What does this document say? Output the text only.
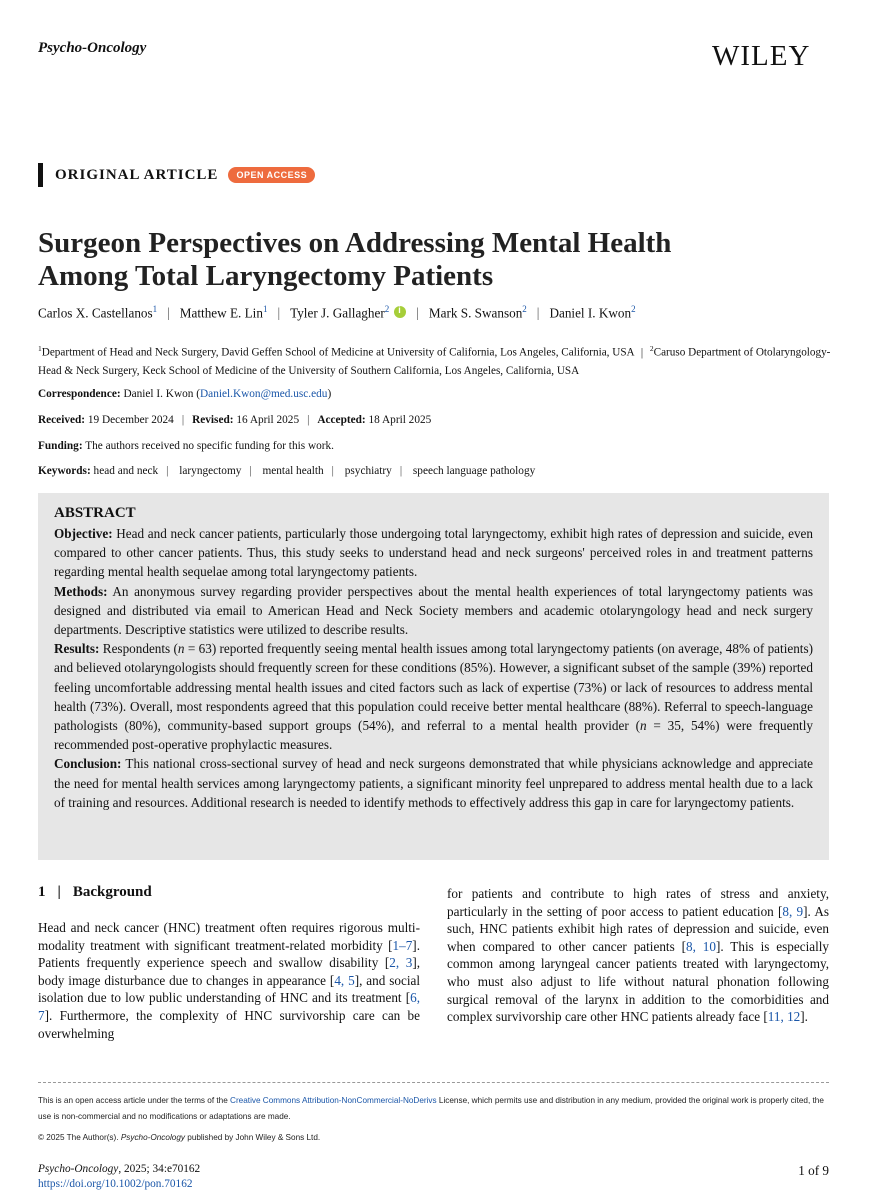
Psycho-Oncology	WILEY
ORIGINAL ARTICLE	OPEN ACCESS
Surgeon Perspectives on Addressing Mental Health
Among Total Laryngectomy Patients
Carlos X. Castellanos$^1$ | Matthew E. Lin$^1$ | Tyler J. Gallagher$^2$i	| Mark S. Swanson$^2$ | Daniel I. Kwon$^2$
$^1$Department of Head and Neck Surgery, David Geffen School of Medicine at University of California, Los Angeles, California, USA | $^2$Caruso Department of Otolaryngology-Head & Neck Surgery, Keck School of Medicine of the University of Southern California, Los Angeles, California, USA
Correspondence: Daniel I. Kwon (Daniel.Kwon@med.usc.edu)
Received: 19 December 2024 | Revised: 16 April 2025 | Accepted: 18 April 2025
Funding: The authors received no specific funding for this work.
Keywords: head and neck | laryngectomy | mental health | psychiatry | speech language pathology
ABSTRACT

Objective: Head and neck cancer patients, particularly those undergoing total laryngectomy, exhibit high rates of depression and suicide, even compared to other cancer patients. Thus, this study seeks to understand head and neck surgeons' perceived roles in and treatment patterns regarding mental health sequelae among total laryngectomy patients.

Methods: An anonymous survey regarding provider perspectives about the mental health experiences of total laryngectomy patients was designed and distributed via email to American Head and Neck Society members and academic otolaryngology head and neck surgery departments. Descriptive statistics were utilized to describe results.

Results: Respondents (n = 63) reported frequently seeing mental health issues among total laryngectomy patients (on average, 48% of patients) and believed otolaryngologists should frequently screen for these conditions (85%). However, a significant subset of the sample (39%) reported feeling uncomfortable addressing mental health issues and cited factors such as lack of expertise (73%) or lack of resources to address mental health (73%). Overall, most respondents agreed that this population could receive better mental healthcare (88%). Referral to speech-language pathologists (80%), community-based support groups (54%), and referral to a mental health provider (n = 35, 54%) were frequently recommended post-operative prophylactic measures.

Conclusion: This national cross-sectional survey of head and neck surgeons demonstrated that while physicians acknowledge and appreciate the need for mental health services among laryngectomy patients, a significant minority feel unprepared to address mental health due to a lack of training and resources. Additional research is needed to identify methods to effectively address this gap in care for laryngectomy patients.

1 | Background
Head and neck cancer (HNC) treatment often requires rigorous multi-modality treatment with significant treatment-related morbidity [1–7]. Patients frequently experience speech and swallow disability [2, 3], body image disturbance due to changes in appearance [4, 5], and social isolation due to low public understanding of HNC and its treatment [6, 7]. Furthermore, the complexity of HNC survivorship care can be overwhelming
for patients and contribute to high rates of stress and anxiety, particularly in the setting of poor access to patient education [8, 9]. As such, HNC patients exhibit high rates of depression and suicide, even when compared to other cancer patients [8, 10]. This is especially common among laryngeal cancer patients treated with laryngectomy, who must also adjust to life without natural phonation following surgical removal of the larynx in addition to the comorbidities and complex survivorship care other HNC patients already face [11, 12].
This is an open access article under the terms of the Creative Commons Attribution-NonCommercial-NoDerivs License, which permits use and distribution in any medium, provided the original work is properly cited, the use is non-commercial and no modifications or adaptations are made.
© 2025 The Author(s). Psycho-Oncology published by John Wiley & Sons Ltd.
Psycho-Oncology, 2025; 34:e70162
https://doi.org/10.1002/pon.70162
1 of 9
